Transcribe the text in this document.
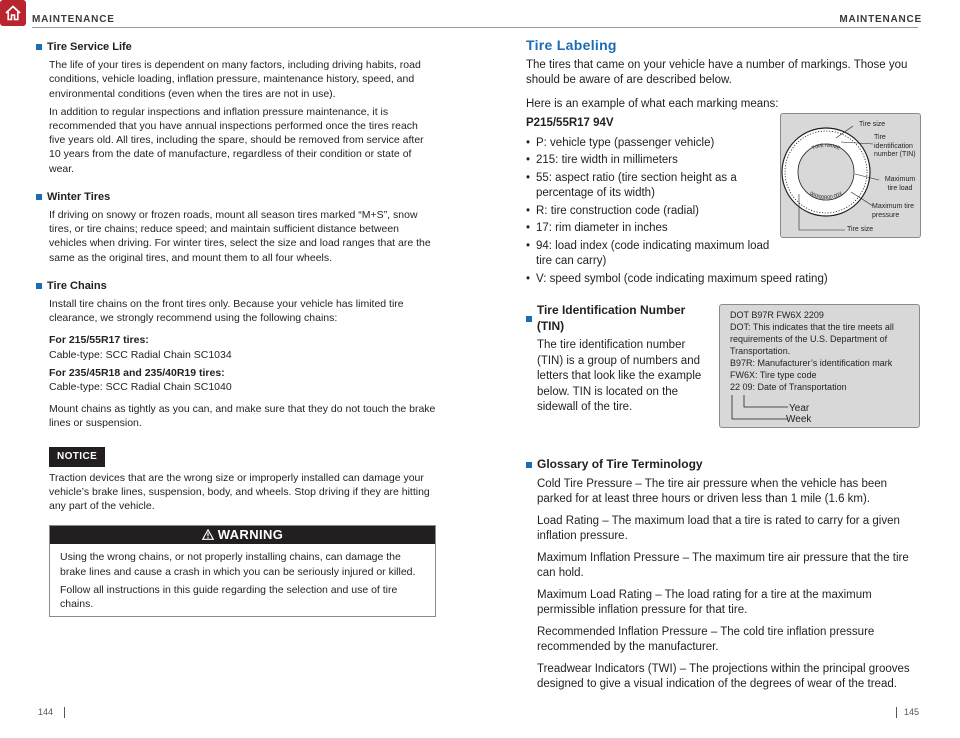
MAINTENANCE	MAINTENANCE
Tire Service Life

The life of your tires is dependent on many factors, including driving habits, road conditions, vehicle loading, inflation pressure, maintenance history, speed, and environmental conditions (even when the tires are not in use).

In addition to regular inspections and inflation pressure maintenance, it is recommended that you have annual inspections performed once the tires reach five years old. All tires, including the spare, should be removed from service after 10 years from the date of manufacture, regardless of their condition or state of wear.

Winter Tires

If driving on snowy or frozen roads, mount all season tires marked “M+S”, snow tires, or tire chains; reduce speed; and maintain sufficient distance between vehicles when driving. For winter tires, select the size and load ranges that are the same as the original tires, and mount them to all four wheels.

Tire Chains

Install tire chains on the front tires only. Because your vehicle has limited tire clearance, we strongly recommend using the following chains:

For 215/55R17 tires:

Cable-type: SCC Radial Chain SC1034

For 235/45R18 and 235/40R19 tires:

Cable-type: SCC Radial Chain SC1040

Mount chains as tightly as you can, and make sure that they do not touch the brake lines or suspension.

NOTICE

Traction devices that are the wrong size or improperly installed can damage your vehicle’s brake lines, suspension, body, and wheels. Stop driving if they are hitting any part of the vehicle.

WARNING

Using the wrong chains, or not properly installing chains, can damage the brake lines and cause a crash in which you can be seriously injured or killed.

Follow all instructions in this guide regarding the selection and use of tire chains.

Tire Labeling

The tires that came on your vehicle have a number of markings. Those you should be aware of are described below.

Here is an example of what each marking means:

P215/55R17 94V

• P: vehicle type (passenger vehicle)
• 215: tire width in millimeters
• 55: aspect ratio (tire section height as a percentage of its width)
• R: tire construction code (radial)
• 17: rim diameter in inches
• 94: load index (code indicating maximum load tire can carry)
• V: speed symbol (code indicating maximum speed rating)
TIRE NAME
000/00R00 00X
Tire size
Tire identification number (TIN)
Maximum tire load
Maximum tire pressure
Tire size
Tire Identification Number (TIN)

The tire identification number (TIN) is a group of numbers and letters that look like the example below. TIN is located on the sidewall of the tire.

DOT B97R FW6X 2209

DOT: This indicates that the tire meets all requirements of the U.S. Department of Transportation.

B97R: Manufacturer’s identification mark

FW6X: Tire type code

22 09: Date of Transportation

Year
Week
Glossary of Tire Terminology

Cold Tire Pressure – The tire air pressure when the vehicle has been parked for at least three hours or driven less than 1 mile (1.6 km).

Load Rating – The maximum load that a tire is rated to carry for a given inflation pressure.

Maximum Inflation Pressure – The maximum tire air pressure that the tire can hold.

Maximum Load Rating – The load rating for a tire at the maximum permissible inflation pressure for that tire.

Recommended Inflation Pressure – The cold tire inflation pressure recommended by the manufacturer.

Treadwear Indicators (TWI) – The projections within the principal grooves designed to give a visual indication of the degrees of wear of the tread.

144	145
